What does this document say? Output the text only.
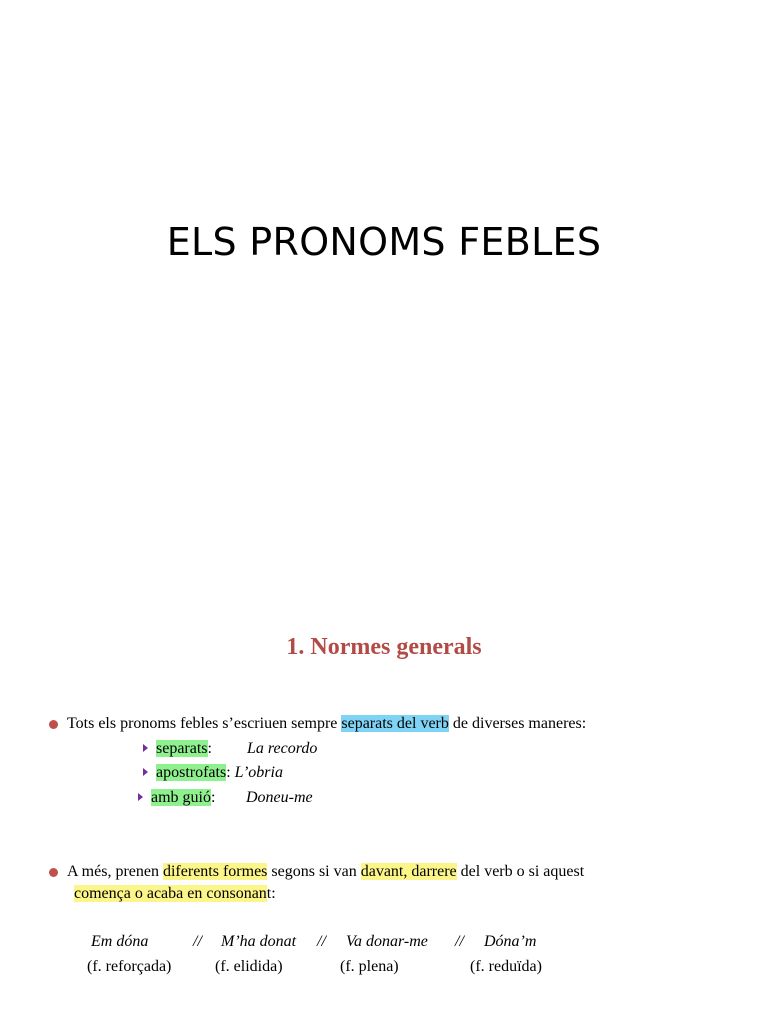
ELS PRONOMS FEBLES
1. Normes generals
Tots els pronoms febles s’escriuen sempre separats del verb de diverses maneres:
separats: La recordo
apostrofats: L’obria
amb guió: Doneu-me
A més, prenen diferents formes segons si van davant, darrere del verb o si aquest
comença o acaba en consonant:
Em dóna	// M’ha donat // Va donar-me // Dóna’m
(f. reforçada)	(f. elidida)	(f. plena)	(f. reduïda)
